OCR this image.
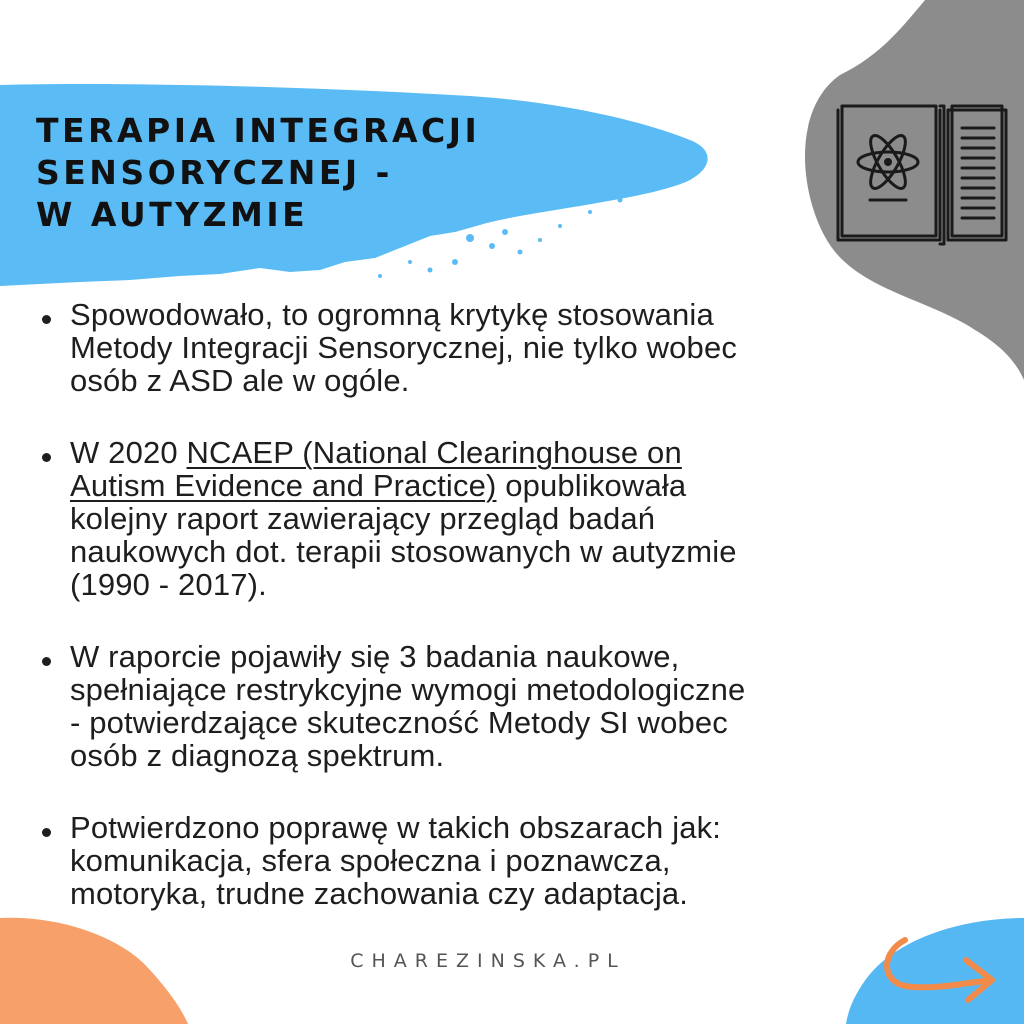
TERAPIA INTEGRACJI
SENSORYCZNEJ -
W AUTYZMIE
Spowodowało, to ogromną krytykę stosowania
Metody Integracji Sensorycznej, nie tylko wobec
osób z ASD ale w ogóle.
W 2020 NCAEP (National Clearinghouse on
Autism Evidence and Practice) opublikowała
kolejny raport zawierający przegląd badań
naukowych dot. terapii stosowanych w autyzmie
(1990 - 2017).
W raporcie pojawiły się 3 badania naukowe,
spełniające restrykcyjne wymogi metodologiczne
- potwierdzające skuteczność Metody SI wobec
osób z diagnozą spektrum.
Potwierdzono poprawę w takich obszarach jak:
komunikacja, sfera społeczna i poznawcza,
motoryka, trudne zachowania czy adaptacja.
CHAREZINSKA.PL
